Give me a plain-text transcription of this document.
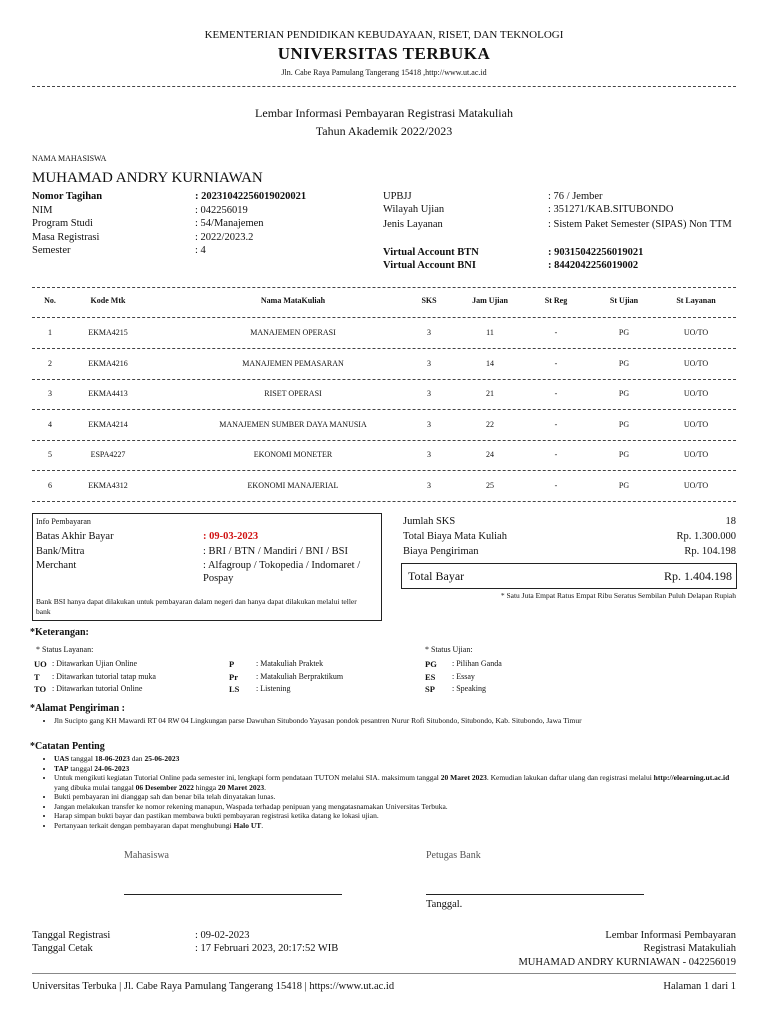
KEMENTERIAN PENDIDIKAN KEBUDAYAAN, RISET, DAN TEKNOLOGI
UNIVERSITAS TERBUKA
Jln. Cabe Raya Pamulang Tangerang 15418 ,http://www.ut.ac.id
Lembar Informasi Pembayaran Registrasi Matakuliah
Tahun Akademik 2022/2023
NAMA MAHASISWA
MUHAMAD ANDRY KURNIAWAN
Nomor Tagihan	: 20231042256019020021
NIM	: 042256019
Program Studi	: 54/Manajemen
Masa Registrasi	: 2022/2023.2
Semester	: 4
UPBJJ	: 76 / Jember
Wilayah Ujian	: 351271/KAB.SITUBONDO
Jenis Layanan	: Sistem Paket Semester (SIPAS) Non TTM
Virtual Account BTN	: 90315042256019021
Virtual Account BNI	: 8442042256019002
No.	Kode Mtk	Nama MataKuliah	SKS	Jam Ujian	St Reg	St Ujian	St Layanan
1	EKMA4215	MANAJEMEN OPERASI	3	11	-	PG	UO/TO
2	EKMA4216	MANAJEMEN PEMASARAN	3	14	-	PG	UO/TO
3	EKMA4413	RISET OPERASI	3	21	-	PG	UO/TO
4	EKMA4214	MANAJEMEN SUMBER DAYA MANUSIA	3	22	-	PG	UO/TO
5	ESPA4227	EKONOMI MONETER	3	24	-	PG	UO/TO
6	EKMA4312	EKONOMI MANAJERIAL	3	25	-	PG	UO/TO
Info Pembayaran
Batas Akhir Bayar	: 09-03-2023
Bank/Mitra	: BRI / BTN / Mandiri / BNI / BSI
Merchant	: Alfagroup / Tokopedia / Indomaret / Pospay
Bank BSI hanya dapat dilakukan untuk pembayaran dalam negeri dan hanya dapat dilakukan melalui teller bank
Jumlah SKS	18
Total Biaya Mata Kuliah	Rp. 1.300.000
Biaya Pengiriman	Rp. 104.198
Total Bayar	Rp. 1.404.198
* Satu Juta Empat Ratus Empat Ribu Seratus Sembilan Puluh Delapan Rupiah
*Keterangan:
* Status Layanan:	* Status Ujian:
UO : Ditawarkan Ujian Online
T : Ditawarkan tutorial tatap muka
TO : Ditawarkan tutorial Online
P	: Matakuliah Praktek
Pr : Matakuliah Berpraktikum
LS : Listening
PG : Pilihan Ganda
ES : Essay
SP : Speaking
*Alamat Pengiriman :
• Jln Sucipto gang KH Mawardi RT 04 RW 04 Lingkungan parse Dawuhan Situbondo Yayasan pondok pesantren Nurur Rofi Situbondo, Situbondo, Kab. Situbondo, Jawa Timur
*Catatan Penting
• UAS tanggal 18-06-2023 dan 25-06-2023
• TAP tanggal 24-06-2023
• Untuk mengikuti kegiatan Tutorial Online pada semester ini, lengkapi form pendataan TUTON melalui SIA. maksimum tanggal 20 Maret 2023. Kemudian lakukan daftar ulang dan registrasi melalui http://elearning.ut.ac.id yang dibuka mulai tanggal 06 Desember 2022 hingga 20 Maret 2023.
• Bukti pembayaran ini dianggap sah dan benar bila telah dinyatakan lunas.
• Jangan melakukan transfer ke nomor rekening manapun, Waspada terhadap penipuan yang mengatasnamakan Universitas Terbuka.
• Harap simpan bukti bayar dan pastikan membawa bukti pembayaran registrasi ketika datang ke lokasi ujian.
• Pertanyaan terkait dengan pembayaran dapat menghubungi Halo UT.
Mahasiswa	Petugas Bank
Tanggal.
Tanggal Registrasi	: 09-02-2023
Tanggal Cetak	: 17 Februari 2023, 20:17:52 WIB
Lembar Informasi Pembayaran
Registrasi Matakuliah
MUHAMAD ANDRY KURNIAWAN - 042256019
Universitas Terbuka | Jl. Cabe Raya Pamulang Tangerang 15418 | https://www.ut.ac.id	Halaman 1 dari 1
